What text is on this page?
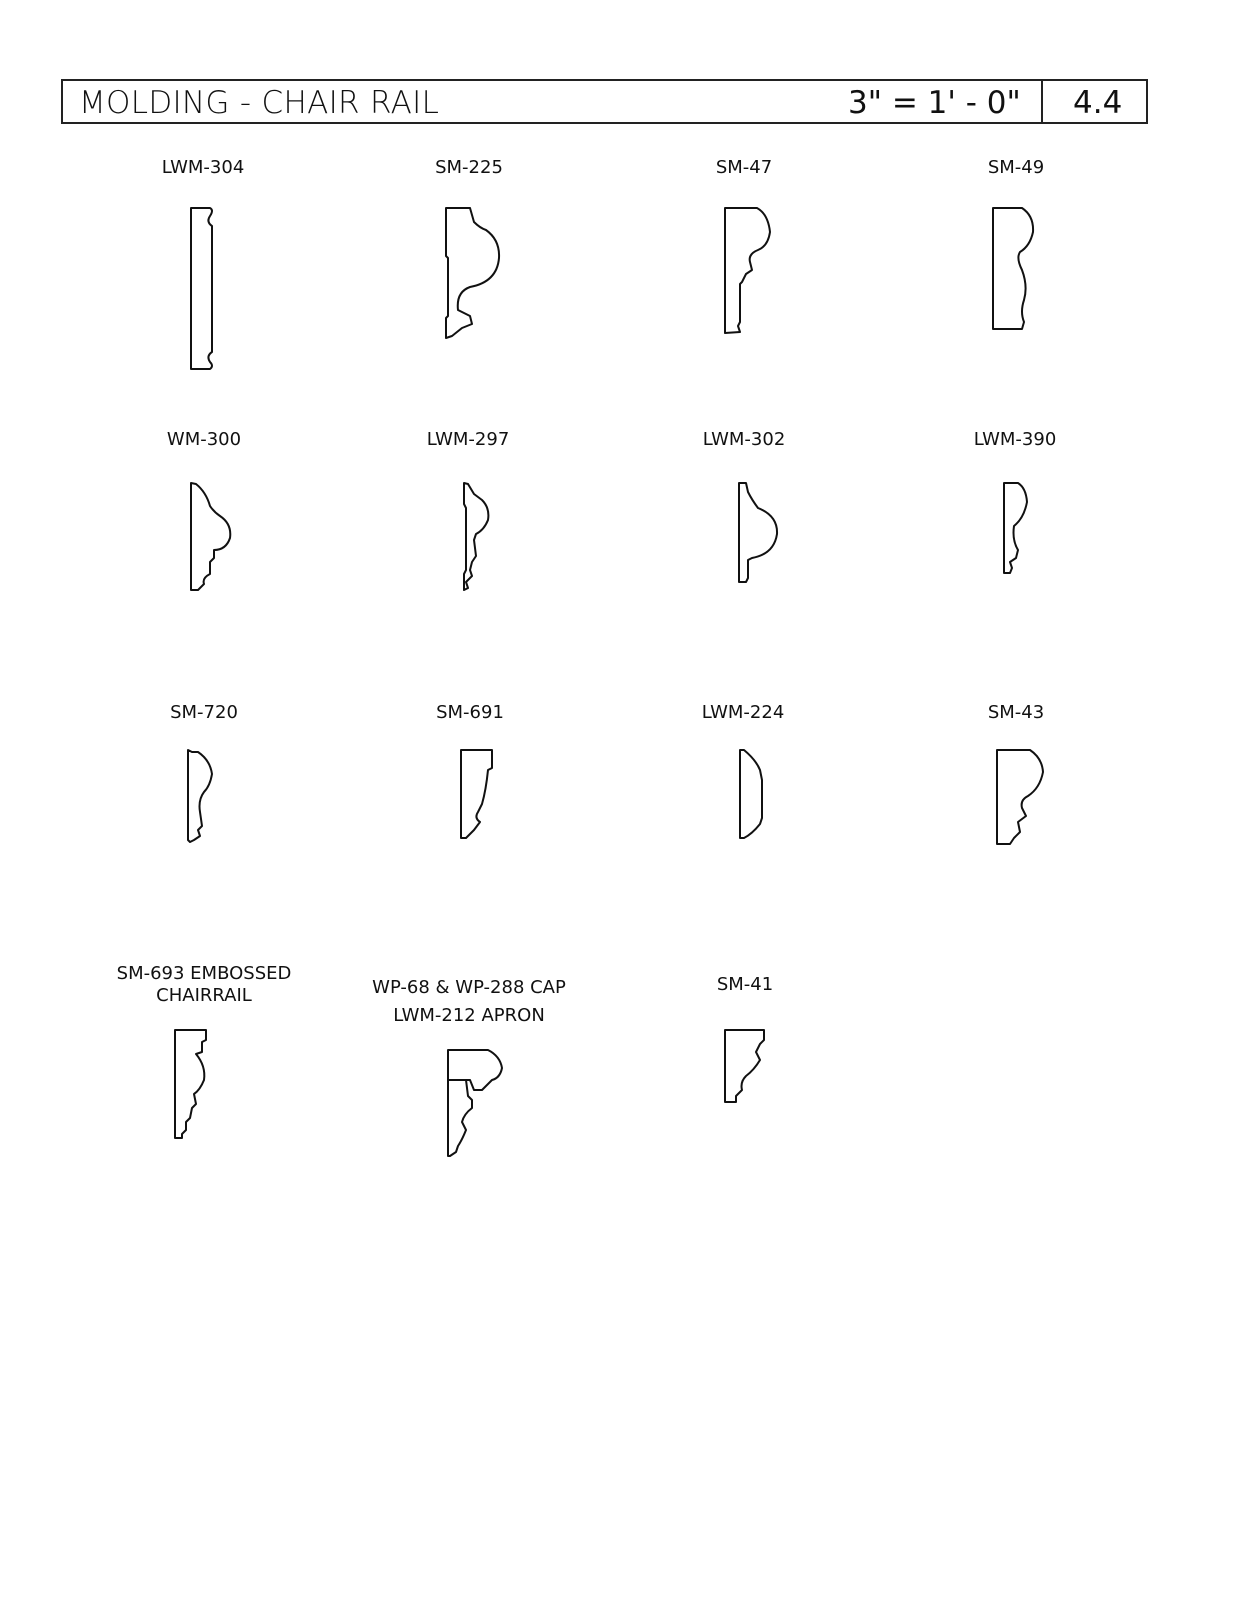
MOLDING - CHAIR RAIL	3" = 1' - 0" 4.4
LWM-304	SM-225	SM-47	SM-49
WM-300	LWM-297	LWM-302	LWM-390
SM-720	SM-691	LWM-224	SM-43
SM-693 EMBOSSED
CHAIRRAIL	WP-68 & WP-288 CAP
LWM-212 APRON
SM-41
